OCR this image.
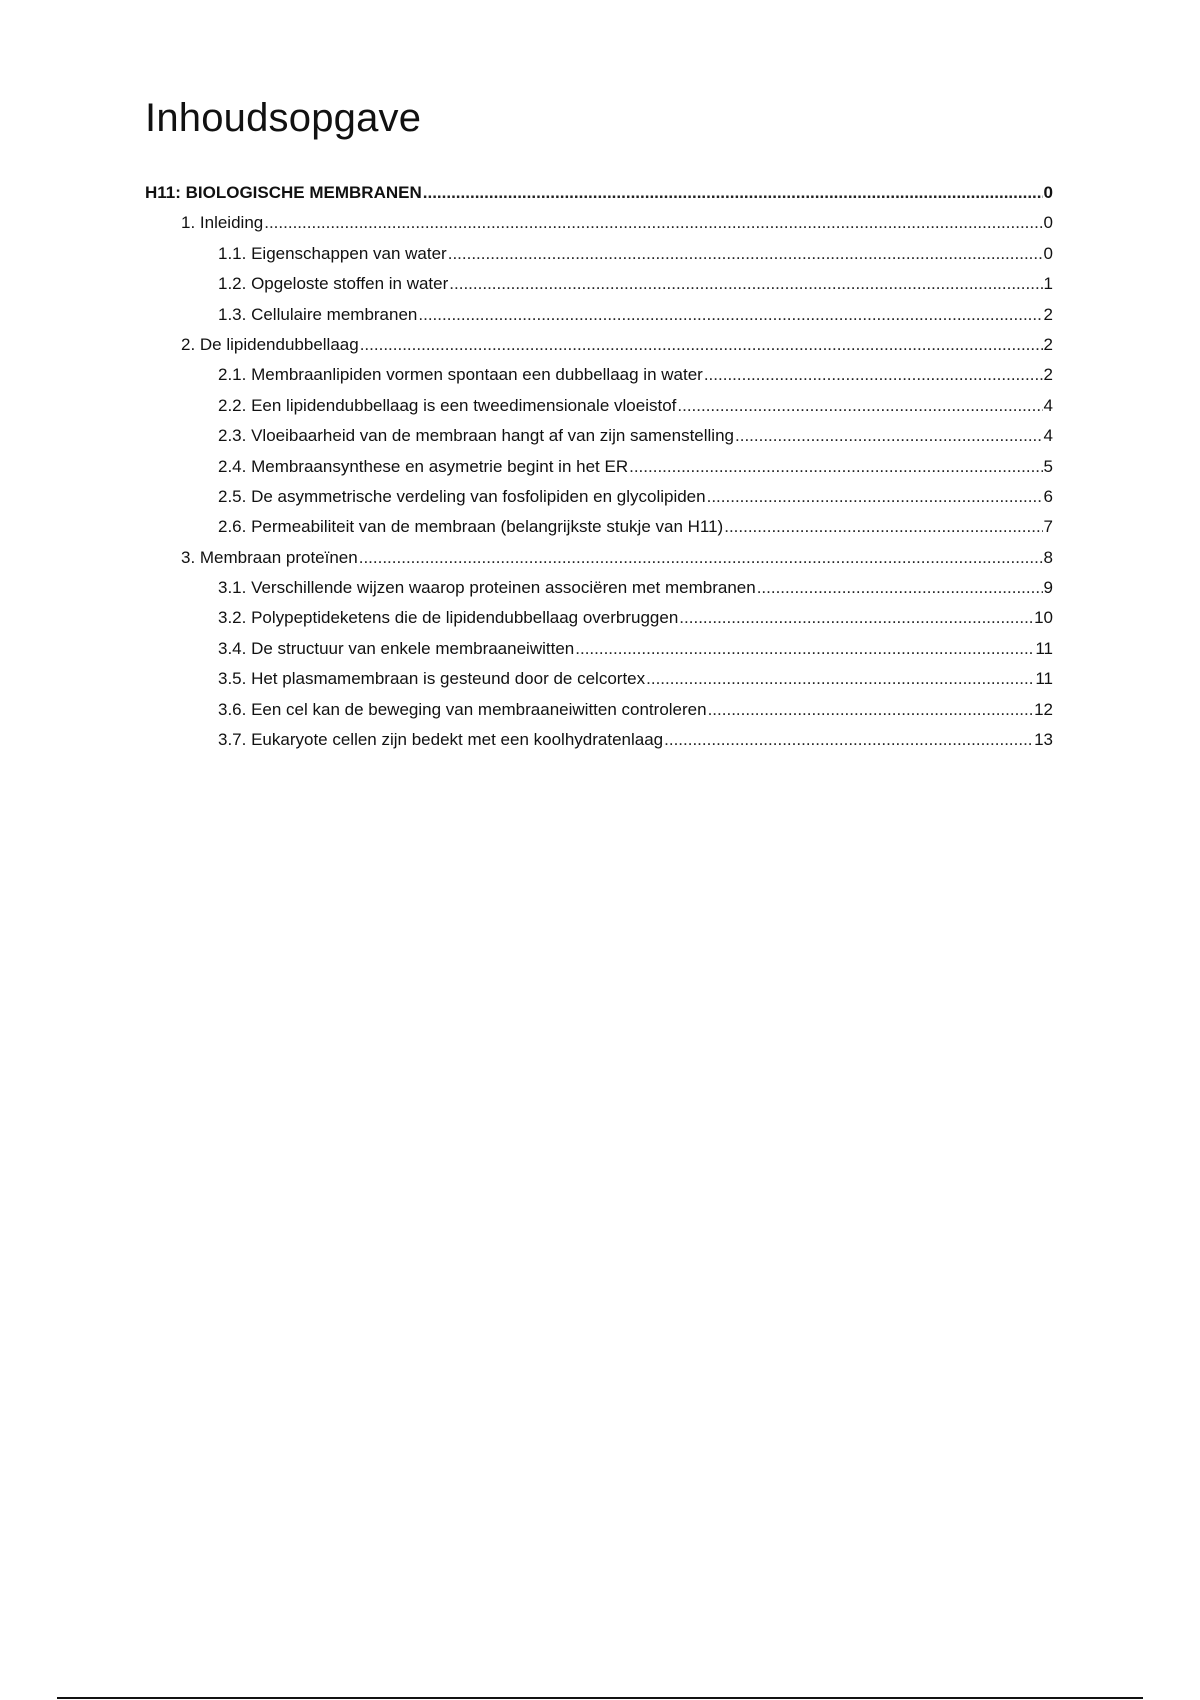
Inhoudsopgave
H11: BIOLOGISCHE MEMBRANEN .....	0
1. Inleiding .....	0
1.1. Eigenschappen van water .....	0
1.2. Opgeloste stoffen in water .....	1
1.3. Cellulaire membranen .....	2
2. De lipidendubbellaag .....	2
2.1. Membraanlipiden vormen spontaan een dubbellaag in water .....	2
2.2. Een lipidendubbellaag is een tweedimensionale vloeistof .....	4
2.3. Vloeibaarheid van de membraan hangt af van zijn samenstelling .....	4
2.4. Membraansynthese en asymetrie begint in het ER .....	5
2.5. De asymmetrische verdeling van fosfolipiden en glycolipiden .....	6
2.6. Permeabiliteit van de membraan (belangrijkste stukje van H11) .....	7
3. Membraan proteïnen .....	8
3.1. Verschillende wijzen waarop proteinen associëren met membranen .....	9
3.2. Polypeptideketens die de lipidendubbellaag overbruggen .....	10
3.4. De structuur van enkele membraaneiwitten .....	11
3.5. Het plasmamembraan is gesteund door de celcortex .....	11
3.6. Een cel kan de beweging van membraaneiwitten controleren .....	12
3.7. Eukaryote cellen zijn bedekt met een koolhydratenlaag .....	13
